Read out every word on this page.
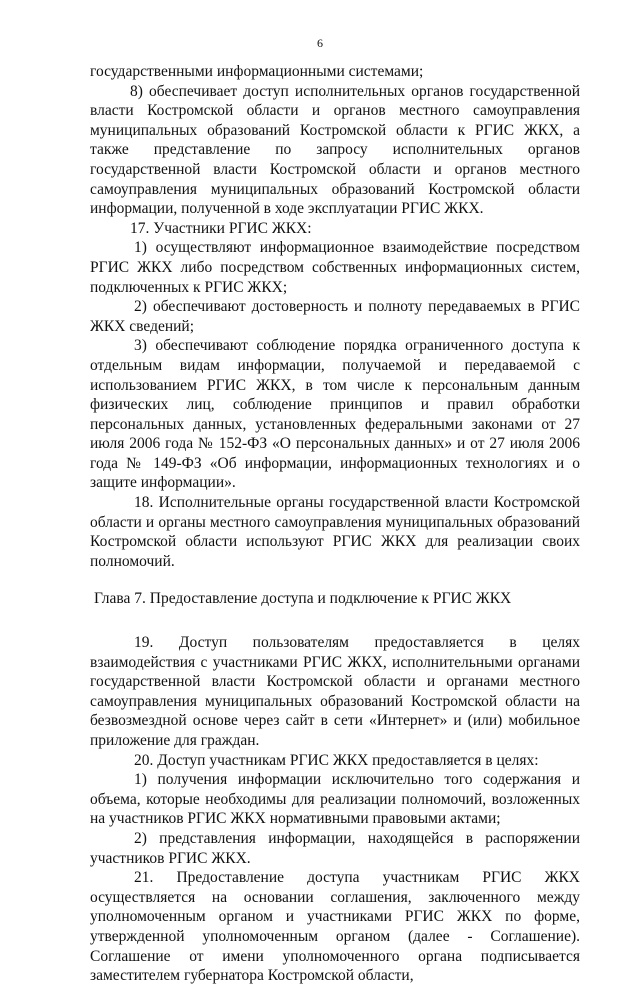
6

государственными информационными системами;

8) обеспечивает доступ исполнительных органов государственной власти Костромской области и органов местного самоуправления муниципальных образований Костромской области к РГИС ЖКХ, а также представление по запросу исполнительных органов государственной власти Костромской области и органов местного самоуправления муниципальных образований Костромской области информации, полученной в ходе эксплуатации РГИС ЖКХ.

17. Участники РГИС ЖКХ:

1) осуществляют информационное взаимодействие посредством РГИС ЖКХ либо посредством собственных информационных систем, подключенных к РГИС ЖКХ;

2) обеспечивают достоверность и полноту передаваемых в РГИС ЖКХ сведений;

3) обеспечивают соблюдение порядка ограниченного доступа к отдельным видам информации, получаемой и передаваемой с использованием РГИС ЖКХ, в том числе к персональным данным физических лиц, соблюдение принципов и правил обработки персональных данных, установленных федеральными законами от 27 июля 2006 года № 152-ФЗ «О персональных данных» и от 27 июля 2006 года № 149-ФЗ «Об информации, информационных технологиях и о защите информации».

18. Исполнительные органы государственной власти Костромской области и органы местного самоуправления муниципальных образований Костромской области используют РГИС ЖКХ для реализации своих полномочий.

Глава 7. Предоставление доступа и подключение к РГИС ЖКХ

19. Доступ пользователям предоставляется в целях взаимодействия с участниками РГИС ЖКХ, исполнительными органами государственной власти Костромской области и органами местного самоуправления муниципальных образований Костромской области на безвозмездной основе через сайт в сети «Интернет» и (или) мобильное приложение для граждан.

20. Доступ участникам РГИС ЖКХ предоставляется в целях:

1) получения информации исключительно того содержания и объема, которые необходимы для реализации полномочий, возложенных на участников РГИС ЖКХ нормативными правовыми актами;

2) представления информации, находящейся в распоряжении участников РГИС ЖКХ.

21. Предоставление доступа участникам РГИС ЖКХ осуществляется на основании соглашения, заключенного между уполномоченным органом и участниками РГИС ЖКХ по форме, утвержденной уполномоченным органом (далее - Соглашение). Соглашение от имени уполномоченного органа подписывается заместителем губернатора Костромской области,
